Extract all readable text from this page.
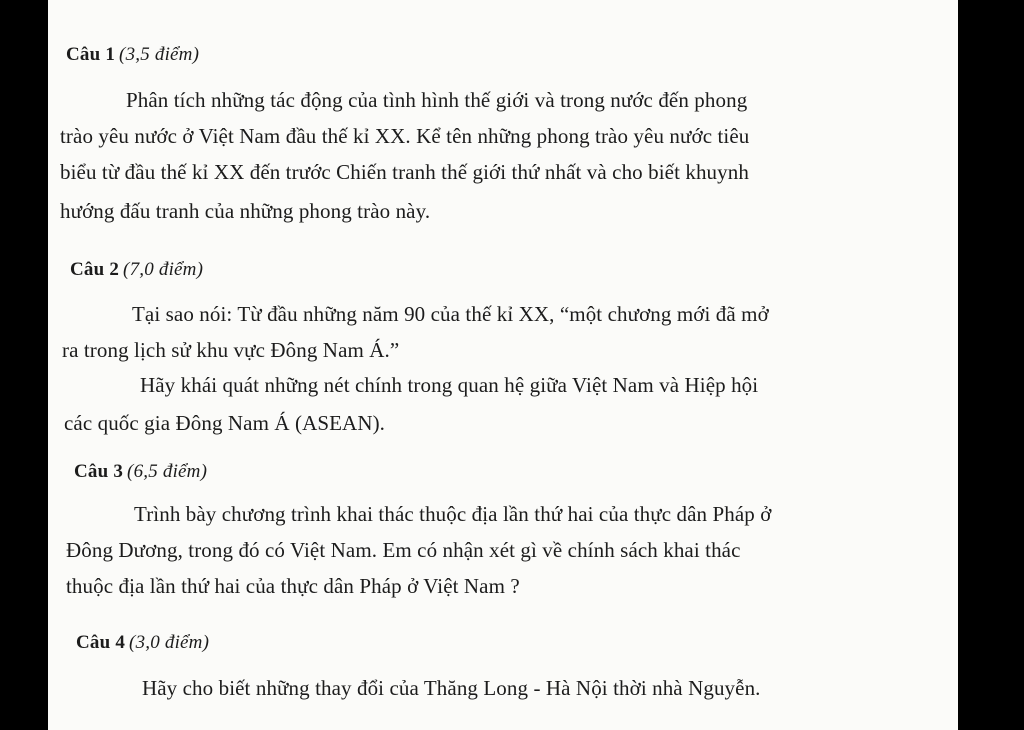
Câu 1 (3,5 điểm)
Phân tích những tác động của tình hình thế giới và trong nước đến phong
trào yêu nước ở Việt Nam đầu thế kỉ XX. Kể tên những phong trào yêu nước tiêu
biểu từ đầu thế kỉ XX đến trước Chiến tranh thế giới thứ nhất và cho biết khuynh
hướng đấu tranh của những phong trào này.
Câu 2 (7,0 điểm)
Tại sao nói: Từ đầu những năm 90 của thế kỉ XX, “một chương mới đã mở
ra trong lịch sử khu vực Đông Nam Á.”
Hãy khái quát những nét chính trong quan hệ giữa Việt Nam và Hiệp hội
các quốc gia Đông Nam Á (ASEAN).
Câu 3 (6,5 điểm)
Trình bày chương trình khai thác thuộc địa lần thứ hai của thực dân Pháp ở
Đông Dương, trong đó có Việt Nam. Em có nhận xét gì về chính sách khai thác
thuộc địa lần thứ hai của thực dân Pháp ở Việt Nam ?
Câu 4 (3,0 điểm)
Hãy cho biết những thay đổi của Thăng Long - Hà Nội thời nhà Nguyễn.
